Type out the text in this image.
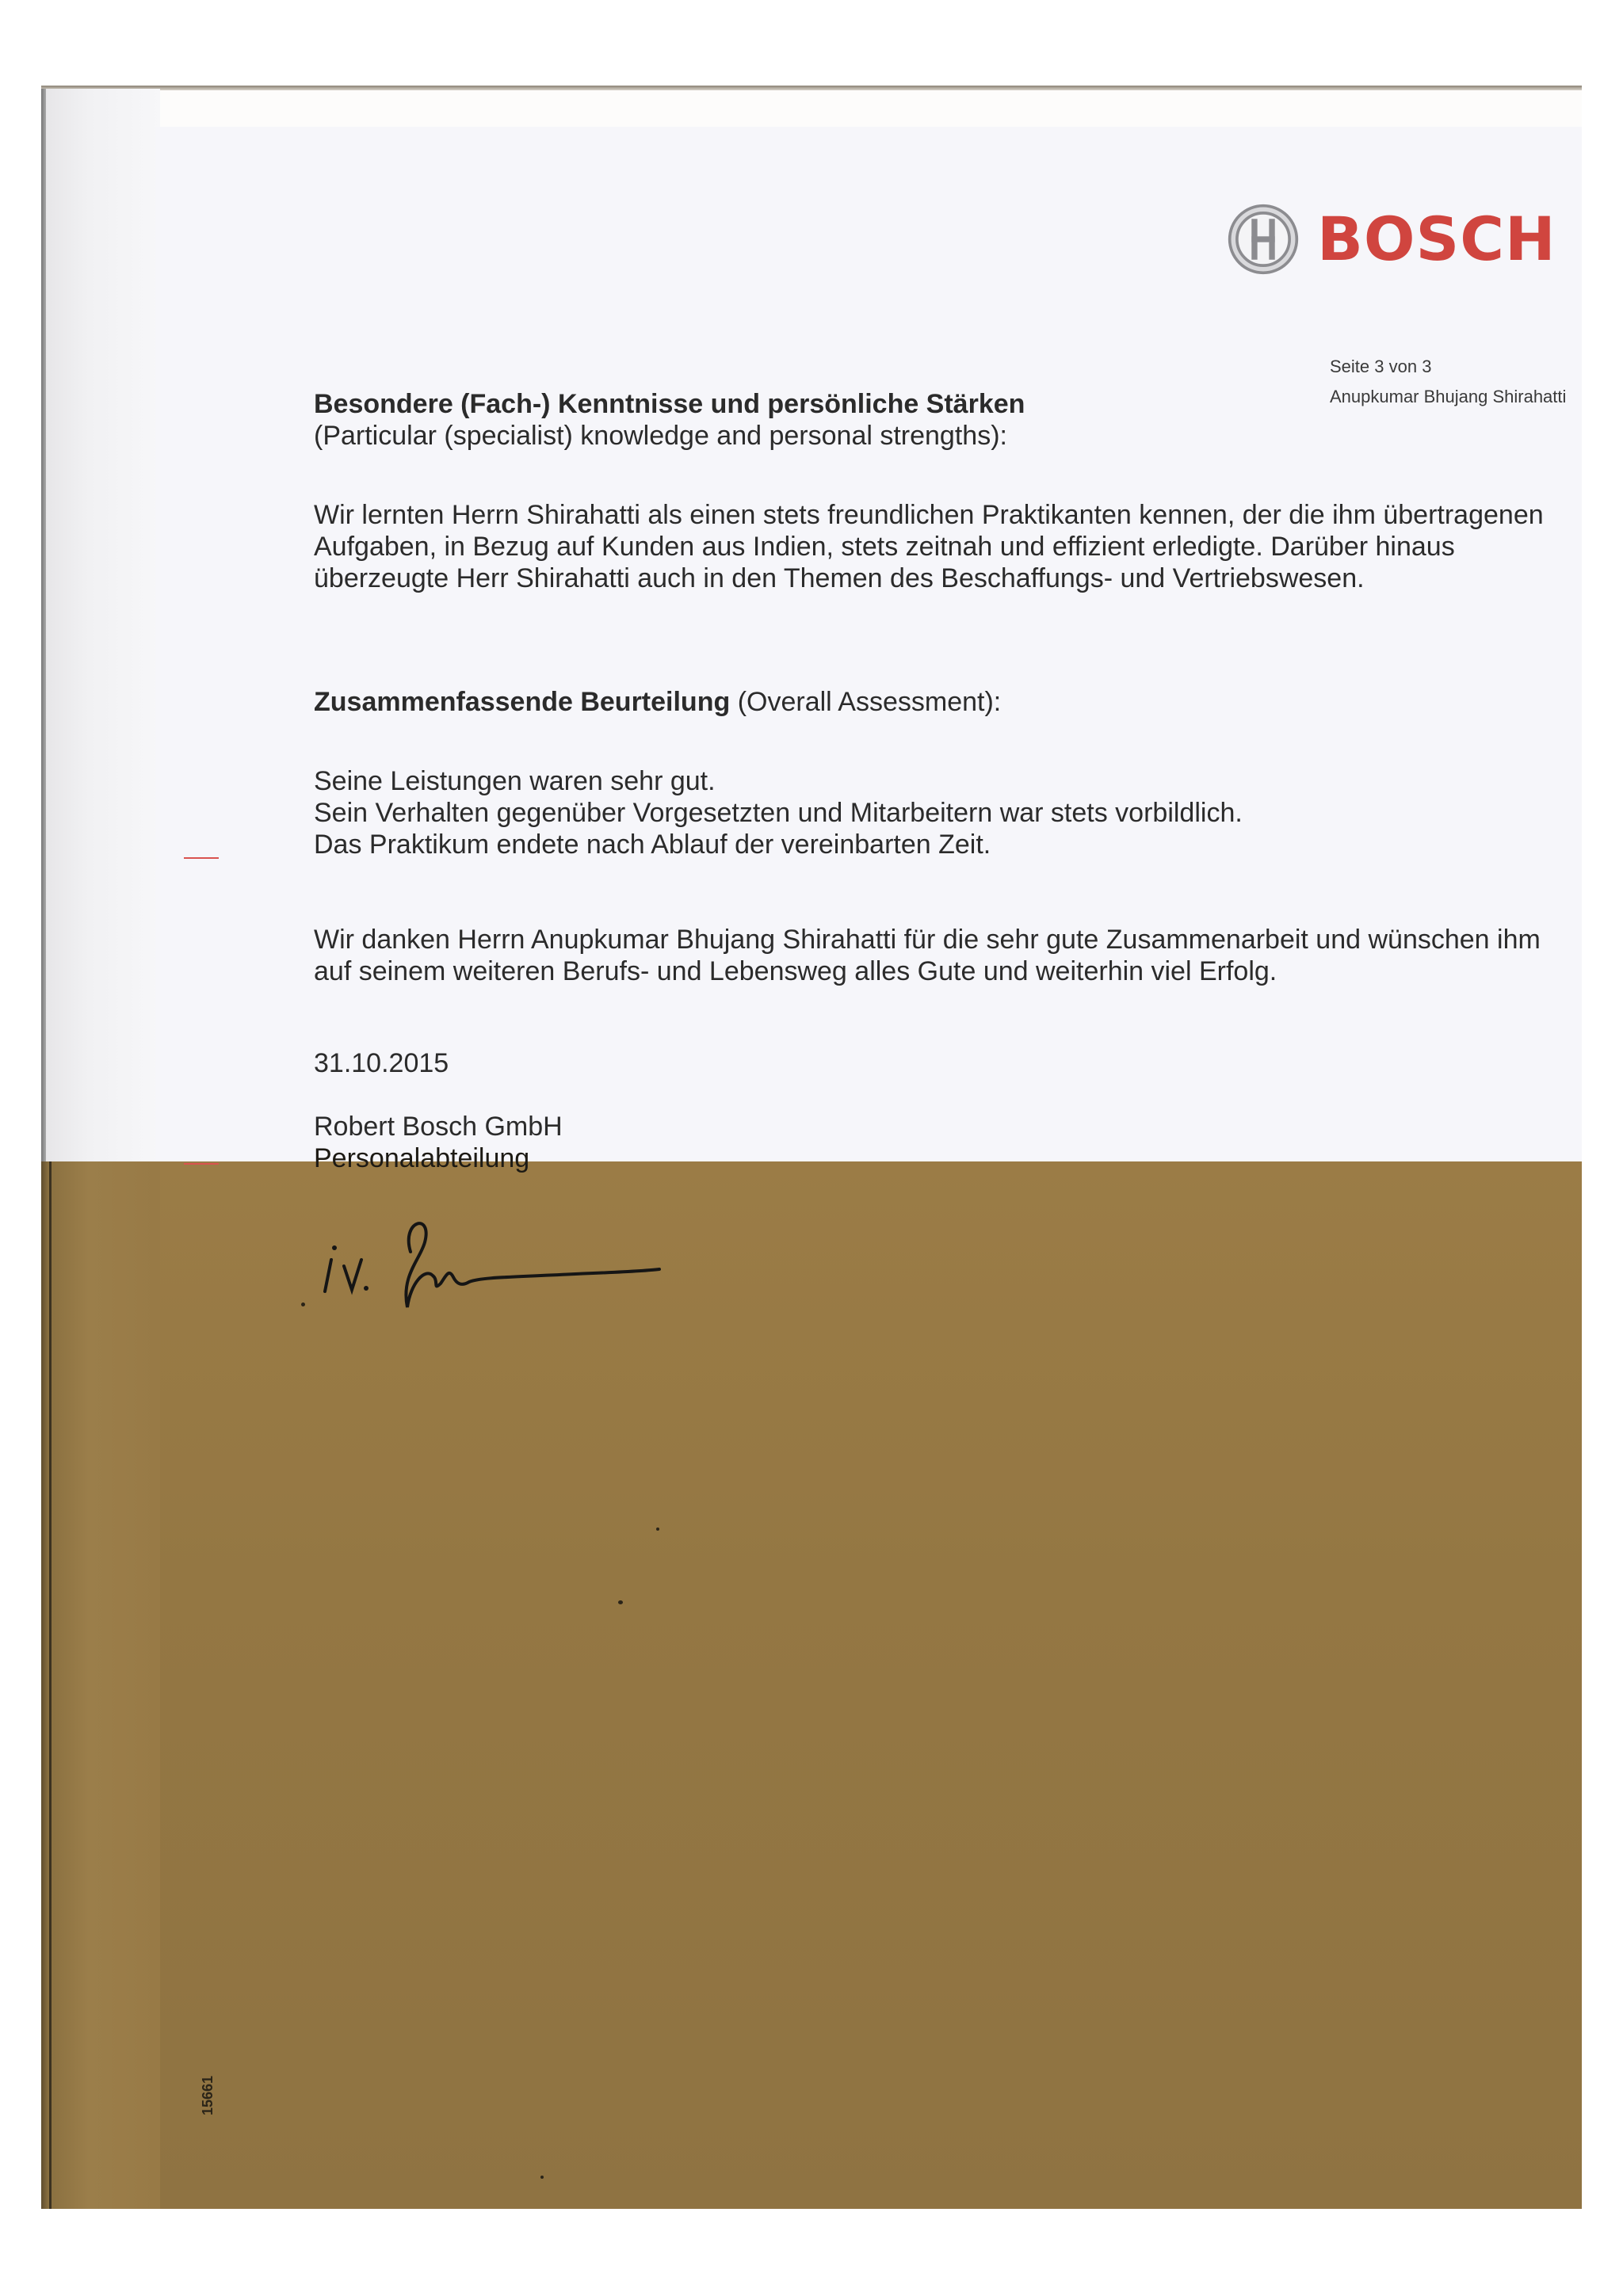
BOSCH
Seite 3 von 3
Anupkumar Bhujang Shirahatti
Besondere (Fach-) Kenntnisse und persönliche Stärken
(Particular (specialist) knowledge and personal strengths):
Wir lernten Herrn Shirahatti als einen stets freundlichen Praktikanten kennen, der die ihm übertragenen
Aufgaben, in Bezug auf Kunden aus Indien, stets zeitnah und effizient erledigte. Darüber hinaus
überzeugte Herr Shirahatti auch in den Themen des Beschaffungs- und Vertriebswesen.
Zusammenfassende Beurteilung (Overall Assessment):
Seine Leistungen waren sehr gut.
Sein Verhalten gegenüber Vorgesetzten und Mitarbeitern war stets vorbildlich.
Das Praktikum endete nach Ablauf der vereinbarten Zeit.
Wir danken Herrn Anupkumar Bhujang Shirahatti für die sehr gute Zusammenarbeit und wünschen ihm
auf seinem weiteren Berufs- und Lebensweg alles Gute und weiterhin viel Erfolg.
31.10.2015
Robert Bosch GmbH
Personalabteilung
15661
